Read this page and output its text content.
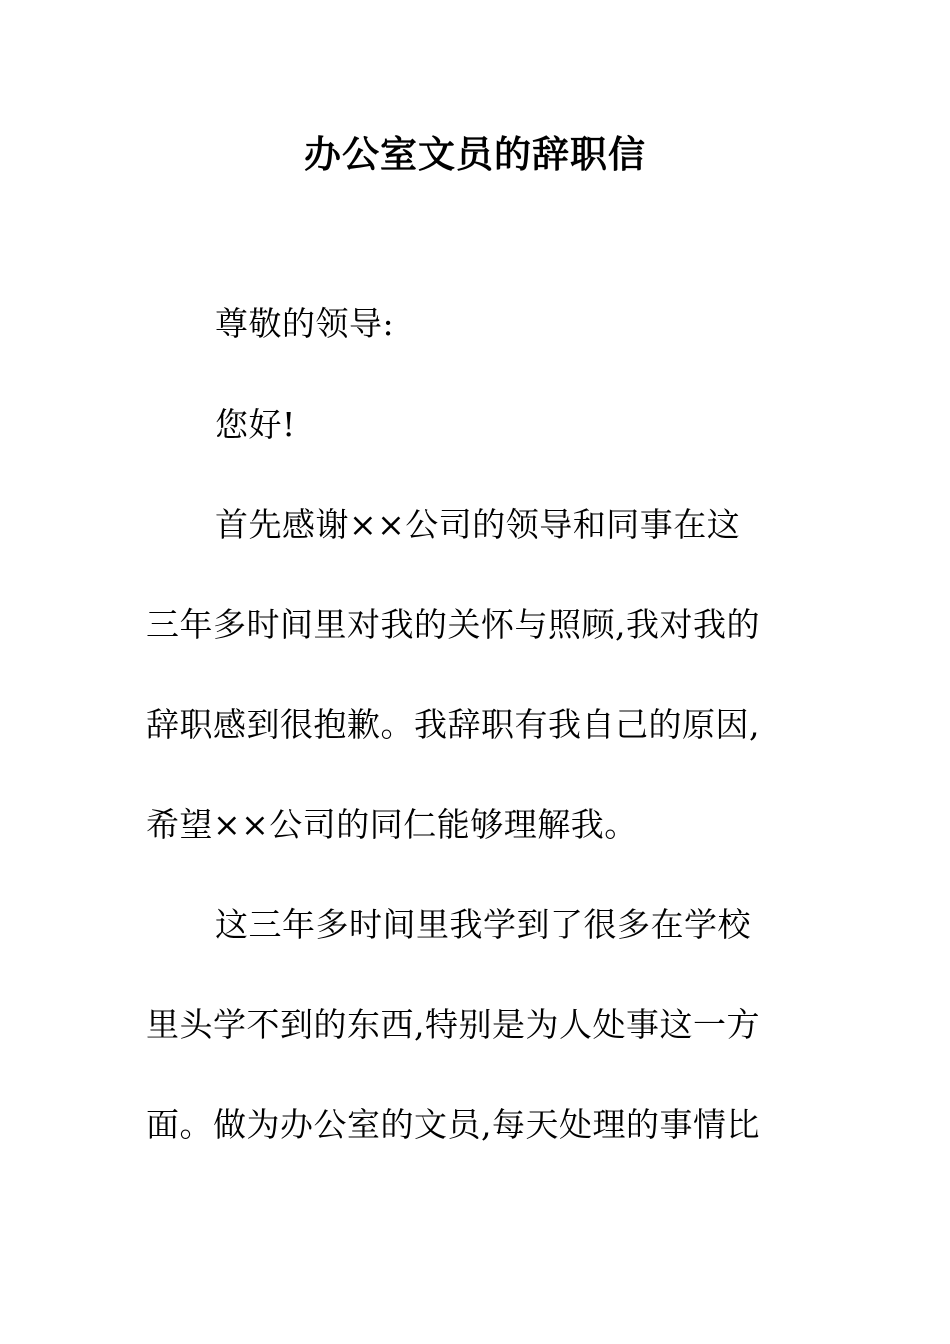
办公室文员的辞职信
尊敬的领导:
您好!
首先感谢××公司的领导和同事在这
三年多时间里对我的关怀与照顾,我对我的
辞职感到很抱歉。我辞职有我自己的原因,
希望××公司的同仁能够理解我。
这三年多时间里我学到了很多在学校
里头学不到的东西,特别是为人处事这一方
面。做为办公室的文员,每天处理的事情比
